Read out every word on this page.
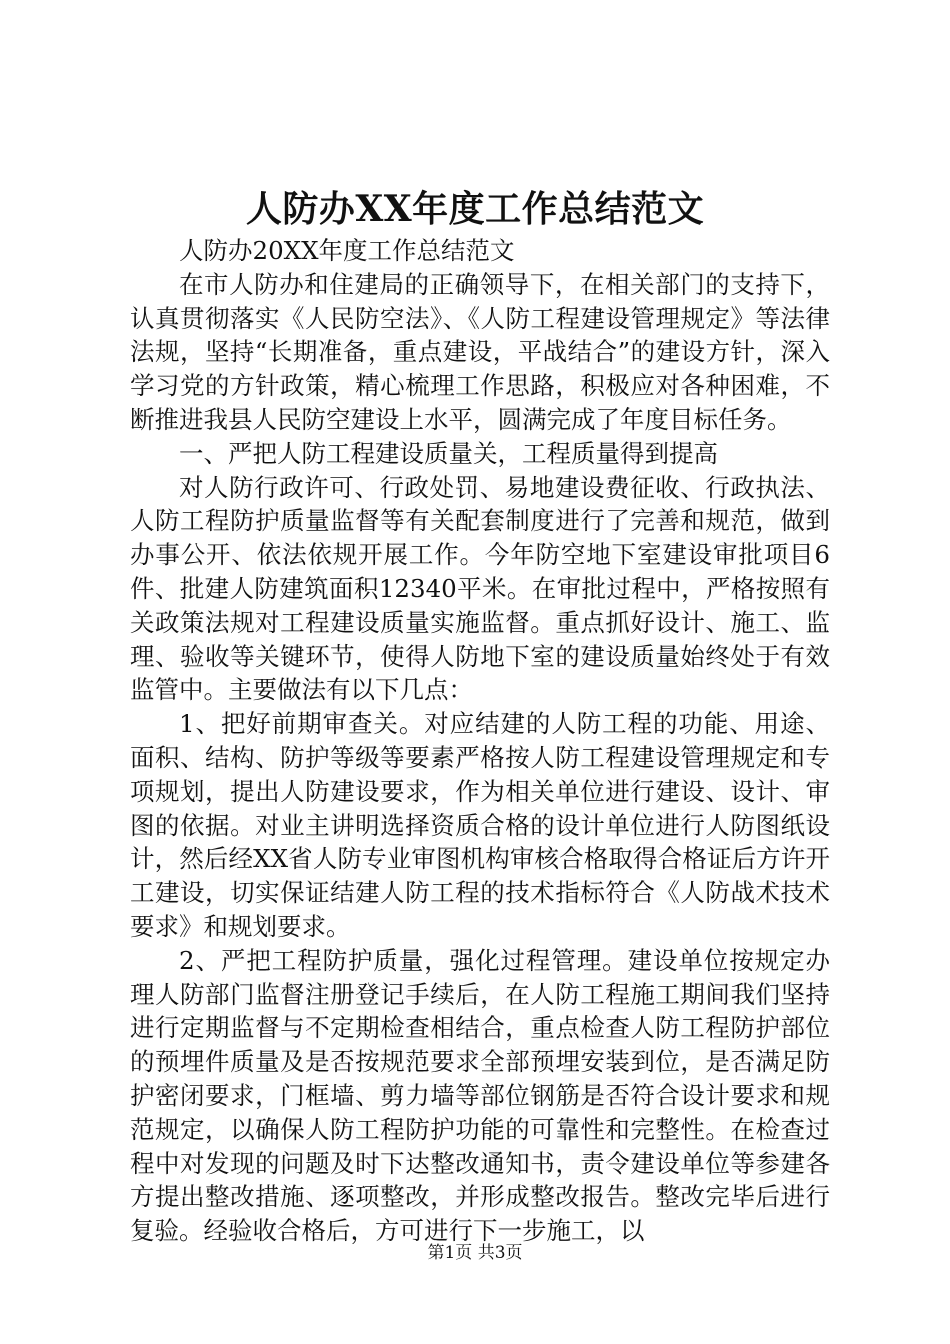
人防办XX年度工作总结范文

人防办20XX年度工作总结范文

在市人防办和住建局的正确领导下，在相关部门的支持下，认真贯彻落实《人民防空法》、《人防工程建设管理规定》等法律法规，坚持“长期准备，重点建设，平战结合”的建设方针，深入学习党的方针政策，精心梳理工作思路，积极应对各种困难，不断推进我县人民防空建设上水平，圆满完成了年度目标任务。

一、严把人防工程建设质量关，工程质量得到提高

对人防行政许可、行政处罚、易地建设费征收、行政执法、人防工程防护质量监督等有关配套制度进行了完善和规范，做到办事公开、依法依规开展工作。今年防空地下室建设审批项目6件、批建人防建筑面积12340平米。在审批过程中，严格按照有关政策法规对工程建设质量实施监督。重点抓好设计、施工、监理、验收等关键环节，使得人防地下室的建设质量始终处于有效监管中。主要做法有以下几点：

1、把好前期审查关。对应结建的人防工程的功能、用途、面积、结构、防护等级等要素严格按人防工程建设管理规定和专项规划，提出人防建设要求，作为相关单位进行建设、设计、审图的依据。对业主讲明选择资质合格的设计单位进行人防图纸设计，然后经XX省人防专业审图机构审核合格取得合格证后方许开工建设，切实保证结建人防工程的技术指标符合《人防战术技术要求》和规划要求。

2、严把工程防护质量，强化过程管理。建设单位按规定办理人防部门监督注册登记手续后，在人防工程施工期间我们坚持进行定期监督与不定期检查相结合，重点检查人防工程防护部位的预埋件质量及是否按规范要求全部预埋安装到位，是否满足防护密闭要求，门框墙、剪力墙等部位钢筋是否符合设计要求和规范规定，以确保人防工程防护功能的可靠性和完整性。在检查过程中对发现的问题及时下达整改通知书，责令建设单位等参建各方提出整改措施、逐项整改，并形成整改报告。整改完毕后进行复验。经验收合格后，方可进行下一步施工，以

第1页 共3页
